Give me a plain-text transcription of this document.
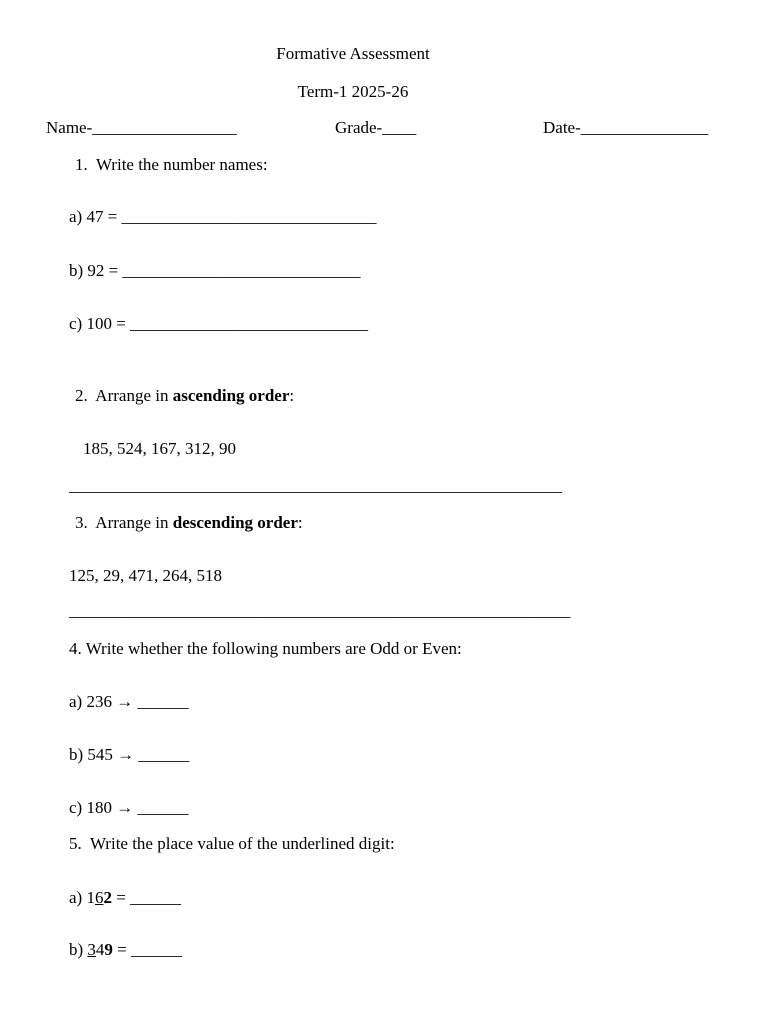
Formative Assessment
Term-1 2025-26
Name-_________________	Grade-____	Date-_______________
1.  Write the number names:
a) 47 = ______________________________
b) 92 = ____________________________
c) 100 = ____________________________
2.  Arrange in ascending order:
185, 524, 167, 312, 90
__________________________________________________________
3.  Arrange in descending order:
125, 29, 471, 264, 518
___________________________________________________________
4. Write whether the following numbers are Odd or Even:
a) 236 → ______
b) 545 → ______
c) 180 → ______
5.  Write the place value of the underlined digit:
a) 162 = ______
b) 349 = ______
